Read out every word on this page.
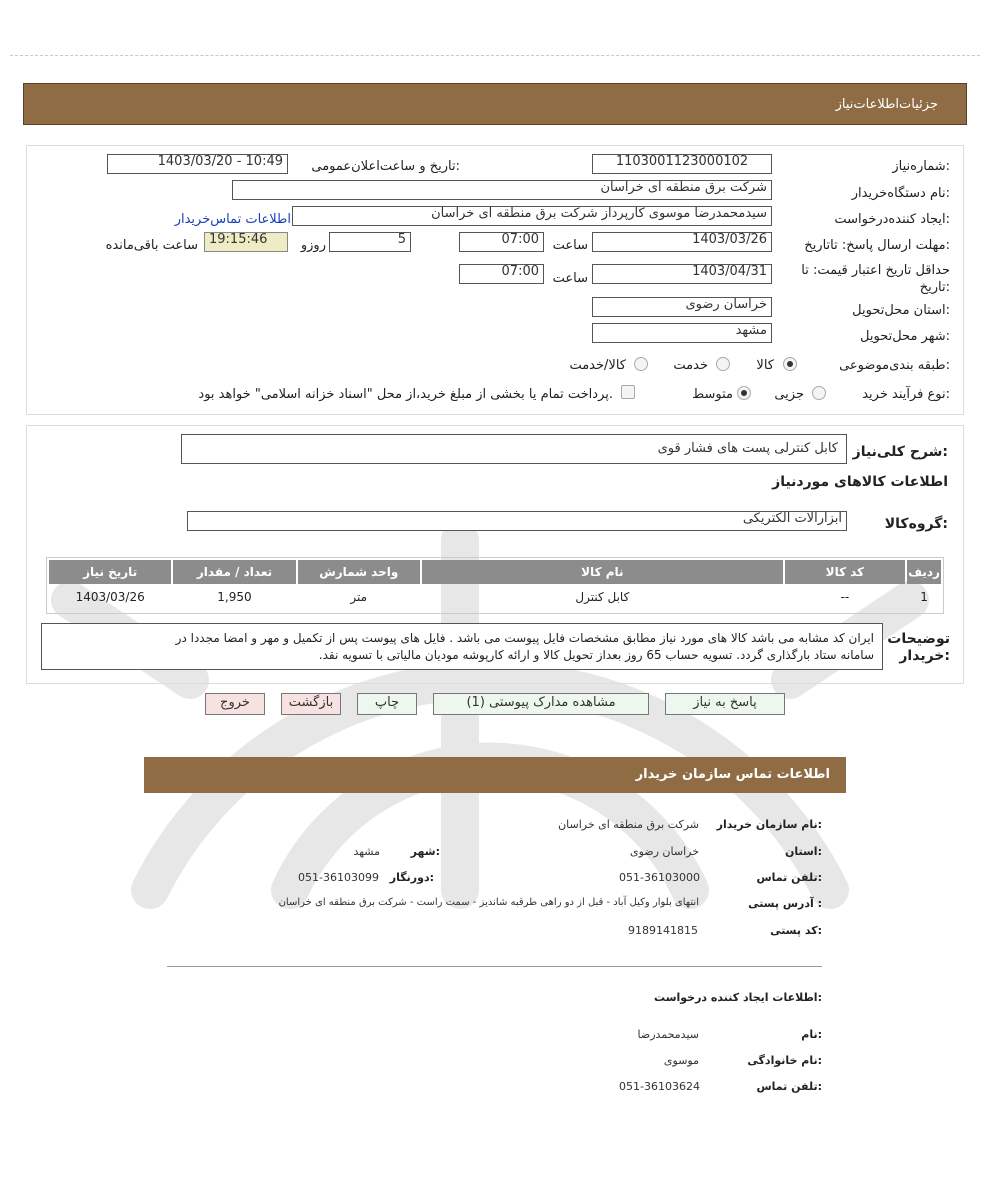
جزئیات‌اطلاعات‌نیاز
شماره‌نیاز:
1103001123000102
تاریخ و ساعت‌اعلان‌عمومی:
1403/03/20 - 10:49
نام دستگاه‌خریدار:
شرکت برق منطقه ای خراسان
ایجاد کننده‌درخواست:
سیدمحمدرضا موسوی کارپرداز شرکت برق منطقه ای خراسان
اطلاعات تماس‌خریدار
مهلت ارسال پاسخ: تاتاریخ:
1403/03/26
ساعت
07:00
5
روزو
19:15:46
ساعت باقی‌مانده
حداقل تاریخ اعتبار قیمت: تا تاریخ:
1403/04/31
ساعت
07:00
استان محل‌تحویل:
خراسان رضوی
شهر محل‌تحویل:
مشهد
طبقه بندی‌موضوعی:
کالا
خدمت
کالا/خدمت
نوع فرآیند خرید:
جزیی
متوسط
پرداخت تمام یا بخشی از مبلغ خرید،از محل "اسناد خزانه اسلامی" خواهد بود.
شرح کلی‌نیاز:
کابل کنترلی پست های فشار قوی
اطلاعات کالاهای موردنیاز
گروه‌کالا:
ابزارالات الکتریکی
ردیف	کد کالا	نام کالا	واحد شمارش	تعداد / مقدار	تاریخ نیاز
1	--	کابل کنترل	متر	1,950	1403/03/26
توضیحات
خریدار:
ایران کد مشابه می باشد کالا های مورد نیاز مطابق مشخصات فایل پیوست می باشد . فایل های پیوست پس از تکمیل و مهر و امضا مجددا در
سامانه ستاد بارگذاری گردد. تسویه حساب 65 روز بعداز تحویل کالا و ارائه کارپوشه مودیان مالیاتی با تسویه نقد.
پاسخ به نیاز
مشاهده مدارک پیوستی (1)
چاپ
بازگشت
خروج
اطلاعات تماس سازمان خریدار
نام سازمان خریدار:
شرکت برق منطقه ای خراسان
استان:
خراسان رضوی
شهر:
مشهد
تلفن تماس:
051-36103000
دورنگار:
051-36103099
آدرس پستی :
انتهای بلوار وکیل آباد - قبل از دو راهی طرقبه شاندیز - سمت راست - شرکت برق منطقه ای خراسان
کد پستی:
9189141815
اطلاعات ایجاد کننده درخواست:
نام:
سیدمحمدرضا
نام خانوادگی:
موسوی
تلفن تماس:
051-36103624
